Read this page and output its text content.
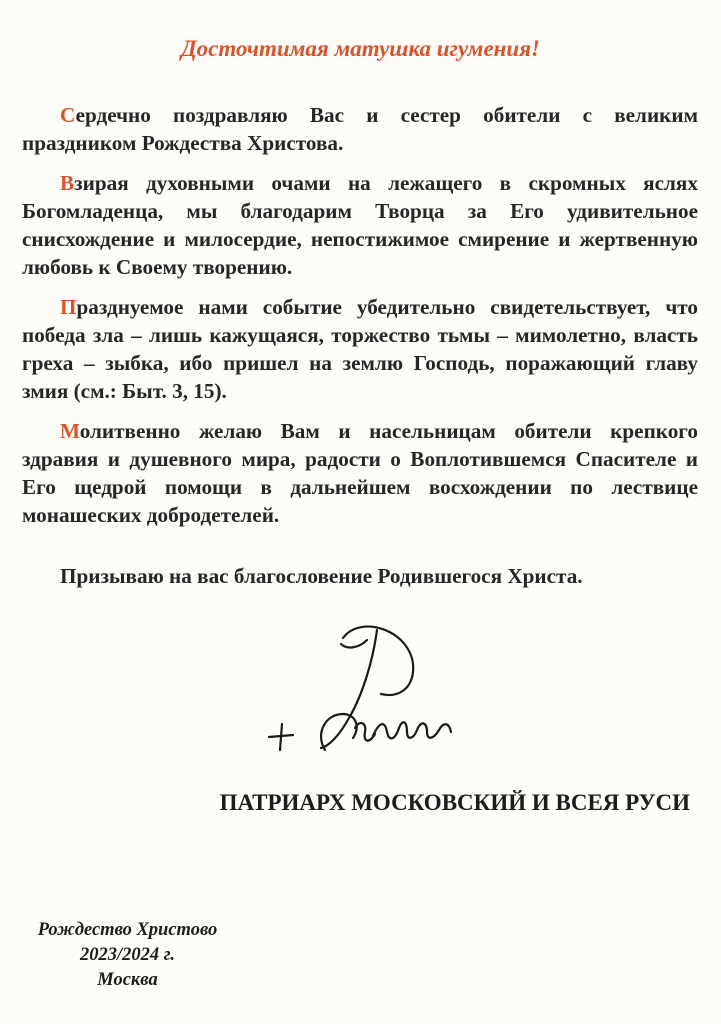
Досточтимая матушка игумения!

Сердечно поздравляю Вас и сестер обители с великим праздником Рождества Христова.

Взирая духовными очами на лежащего в скромных яслях Богомладенца, мы благодарим Творца за Его удивительное снисхождение и милосердие, непостижимое смирение и жертвенную любовь к Своему творению.

Празднуемое нами событие убедительно свидетельствует, что победа зла – лишь кажущаяся, торжество тьмы – мимолетно, власть греха – зыбка, ибо пришел на землю Господь, поражающий главу змия (см.: Быт. 3, 15).

Молитвенно желаю Вам и насельницам обители крепкого здравия и душевного мира, радости о Воплотившемся Спасителе и Его щедрой помощи в дальнейшем восхождении по лествице монашеских добродетелей.

Призываю на вас благословение Родившегося Христа.
ПАТРИАРХ МОСКОВСКИЙ И ВСЕЯ РУСИ
Рождество Христово
2023/2024 г.
Москва
